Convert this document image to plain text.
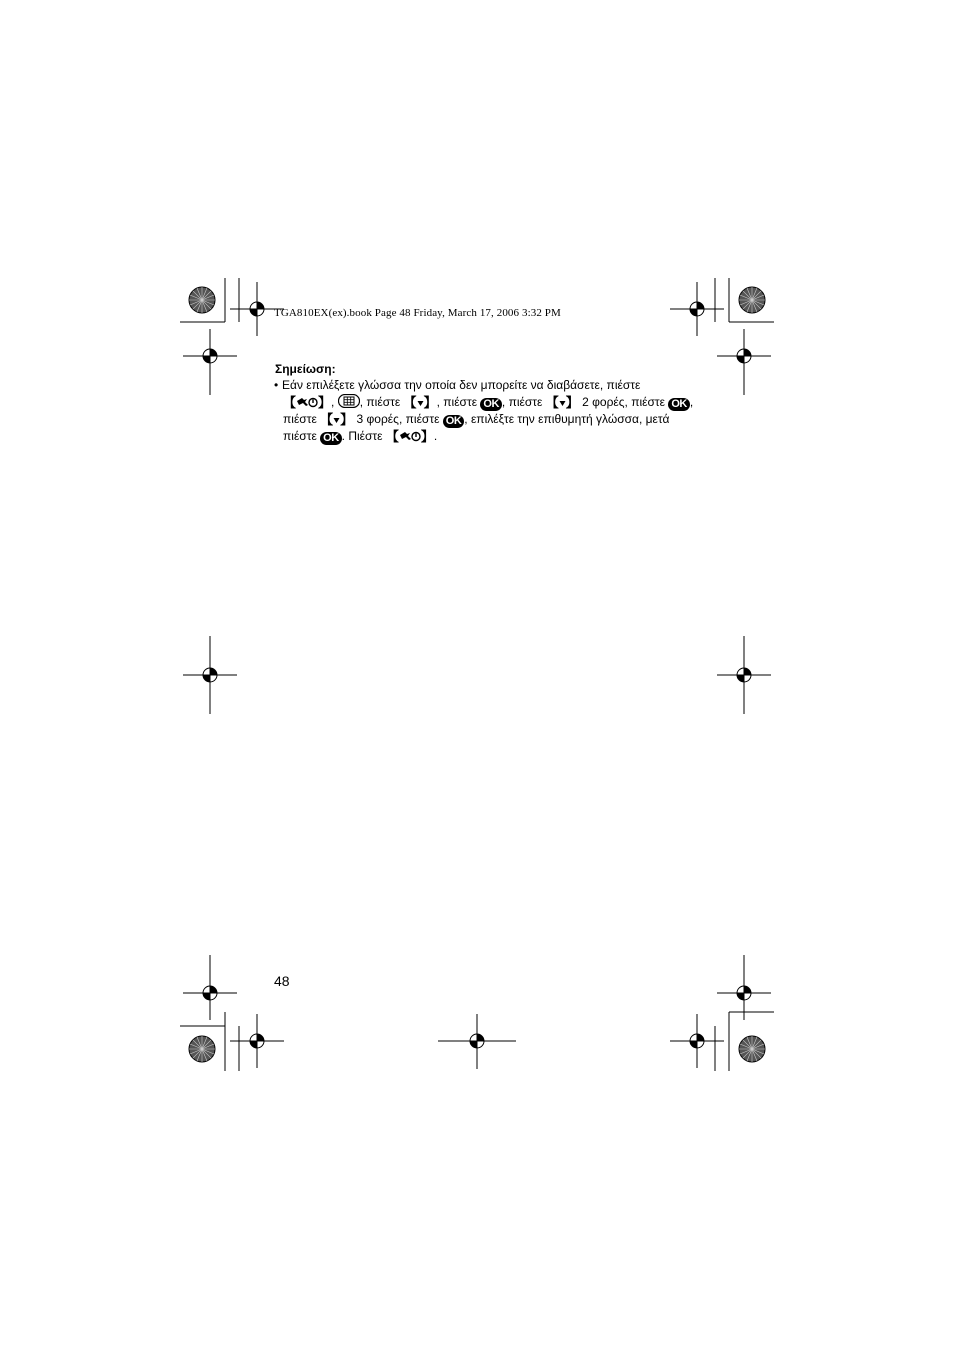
TGA810EX(ex).book Page 48 Friday, March 17, 2006 3:32 PM
Σημείωση:
• Εάν επιλέξετε γλώσσα την οποία δεν μπορείτε να διαβάσετε, πιέστε
【 】 , , πιέστε 【 】 , πιέστε OK , πιέστε 【 】 2 φορές, πιέστε OK ,
πιέστε 【 】 3 φορές, πιέστε OK , επιλέξτε την επιθυμητή γλώσσα, μετά
πιέστε OK . Πιέστε 【 】 .
48
